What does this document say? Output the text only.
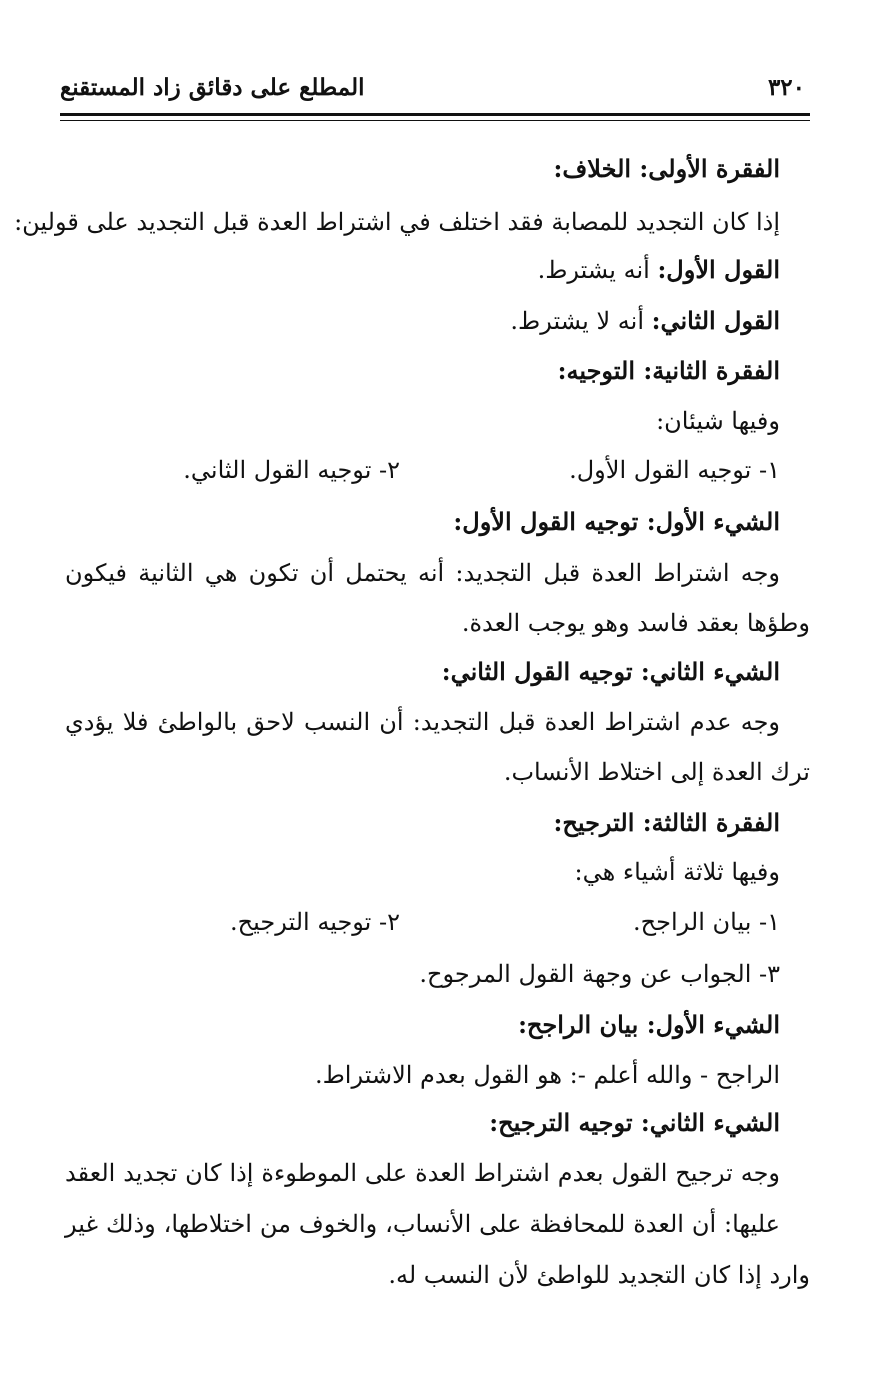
٣٢٠
المطلع على دقائق زاد المستقنع
الفقرة الأولى: الخلاف:
إذا كان التجديد للمصابة فقد اختلف في اشتراط العدة قبل التجديد على قولين:
القول الأول: أنه يشترط.
القول الثاني: أنه لا يشترط.
الفقرة الثانية: التوجيه:
وفيها شيئان:
١- توجيه القول الأول.
٢- توجيه القول الثاني.
الشيء الأول: توجيه القول الأول:
وجه اشتراط العدة قبل التجديد: أنه يحتمل أن تكون هي الثانية فيكون
وطؤها بعقد فاسد وهو يوجب العدة.
الشيء الثاني: توجيه القول الثاني:
وجه عدم اشتراط العدة قبل التجديد: أن النسب لاحق بالواطئ فلا يؤدي
ترك العدة إلى اختلاط الأنساب.
الفقرة الثالثة: الترجيح:
وفيها ثلاثة أشياء هي:
١- بيان الراجح.
٢- توجيه الترجيح.
٣- الجواب عن وجهة القول المرجوح.
الشيء الأول: بيان الراجح:
الراجح - والله أعلم -: هو القول بعدم الاشتراط.
الشيء الثاني: توجيه الترجيح:
وجه ترجيح القول بعدم اشتراط العدة على الموطوءة إذا كان تجديد العقد
عليها: أن العدة للمحافظة على الأنساب، والخوف من اختلاطها، وذلك غير
وارد إذا كان التجديد للواطئ لأن النسب له.
